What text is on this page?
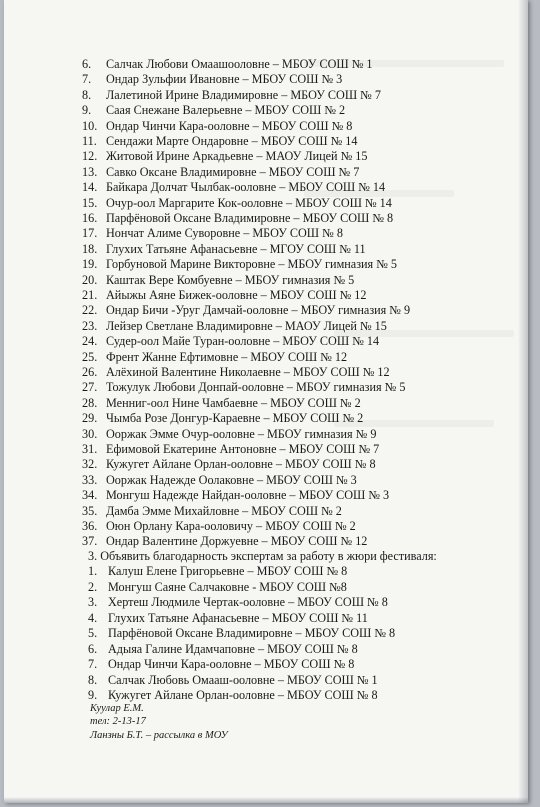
6. Салчак Любови Омаашооловне – МБОУ СОШ № 1
7. Ондар Зульфии Ивановне – МБОУ СОШ № 3
8. Лалетиной Ирине Владимировне – МБОУ СОШ № 7
9. Саая Снежане Валерьевне – МБОУ СОШ № 2
10. Ондар Чинчи Кара-ооловне – МБОУ СОШ № 8
11. Сендажи Марте Ондаровне – МБОУ СОШ № 14
12. Житовой Ирине Аркадьевне – МАОУ Лицей № 15
13. Савко Оксане Владимировне – МБОУ СОШ № 7
14. Байкара Долчат Чылбак-ооловне – МБОУ СОШ № 14
15. Очур-оол Маргарите Кок-ооловне – МБОУ СОШ № 14
16. Парфёновой Оксане Владимировне – МБОУ СОШ № 8
17. Нончат Алиме Суворовне – МБОУ СОШ № 8
18. Глухих Татьяне Афанасьевне – МГОУ СОШ № 11
19. Горбуновой Марине Викторовне – МБОУ гимназия № 5
20. Каштак Вере Комбуевне – МБОУ гимназия № 5
21. Айыжы Аяне Бижек-ооловне – МБОУ СОШ № 12
22. Ондар Бичи -Уруг Дамчай-ооловне – МБОУ гимназия № 9
23. Лейзер Светлане Владимировне – МАОУ Лицей № 15
24. Судер-оол Майе Туран-ооловне – МБОУ СОШ № 14
25. Френт Жанне Ефтимовне – МБОУ СОШ № 12
26. Алёхиной Валентине Николаевне – МБОУ СОШ № 12
27. Тожулук Любови Донпай-ооловне – МБОУ гимназия № 5
28. Менниг-оол Нине Чамбаевне – МБОУ СОШ № 2
29. Чымба Розе Донгур-Караевне – МБОУ СОШ № 2
30. Ооржак Эмме Очур-ооловне – МБОУ гимназия № 9
31. Ефимовой Екатерине Антоновне – МБОУ СОШ № 7
32. Кужугет Айлане Орлан-ооловне – МБОУ СОШ № 8
33. Ооржак Надежде Оолаковне – МБОУ СОШ № 3
34. Монгуш Надежде Найдан-ооловне – МБОУ СОШ № 3
35. Дамба Эмме Михайловне – МБОУ СОШ № 2
36. Оюн Орлану Кара-ооловичу – МБОУ СОШ № 2
37. Ондар Валентине Доржуевне – МБОУ СОШ № 12
3. Объявить благодарность экспертам за работу в жюри фестиваля:
1. Калуш Елене Григорьевне – МБОУ СОШ № 8
2. Монгуш Саяне Салчаковне - МБОУ СОШ №8
3. Хертеш Людмиле Чертак-ооловне – МБОУ СОШ № 8
4. Глухих Татьяне Афанасьевне – МБОУ СОШ № 11
5. Парфёновой Оксане Владимировне – МБОУ СОШ № 8
6. Адыяа Галине Идамчаповне – МБОУ СОШ № 8
7. Ондар Чинчи Кара-ооловне – МБОУ СОШ № 8
8. Салчак Любовь Омааш-ооловне – МБОУ СОШ № 1
9. Кужугет Айлане Орлан-ооловне – МБОУ СОШ № 8
Куулар Е.М.
тел: 2-13-17
Ланзны Б.Т. – рассылка в МОУ
